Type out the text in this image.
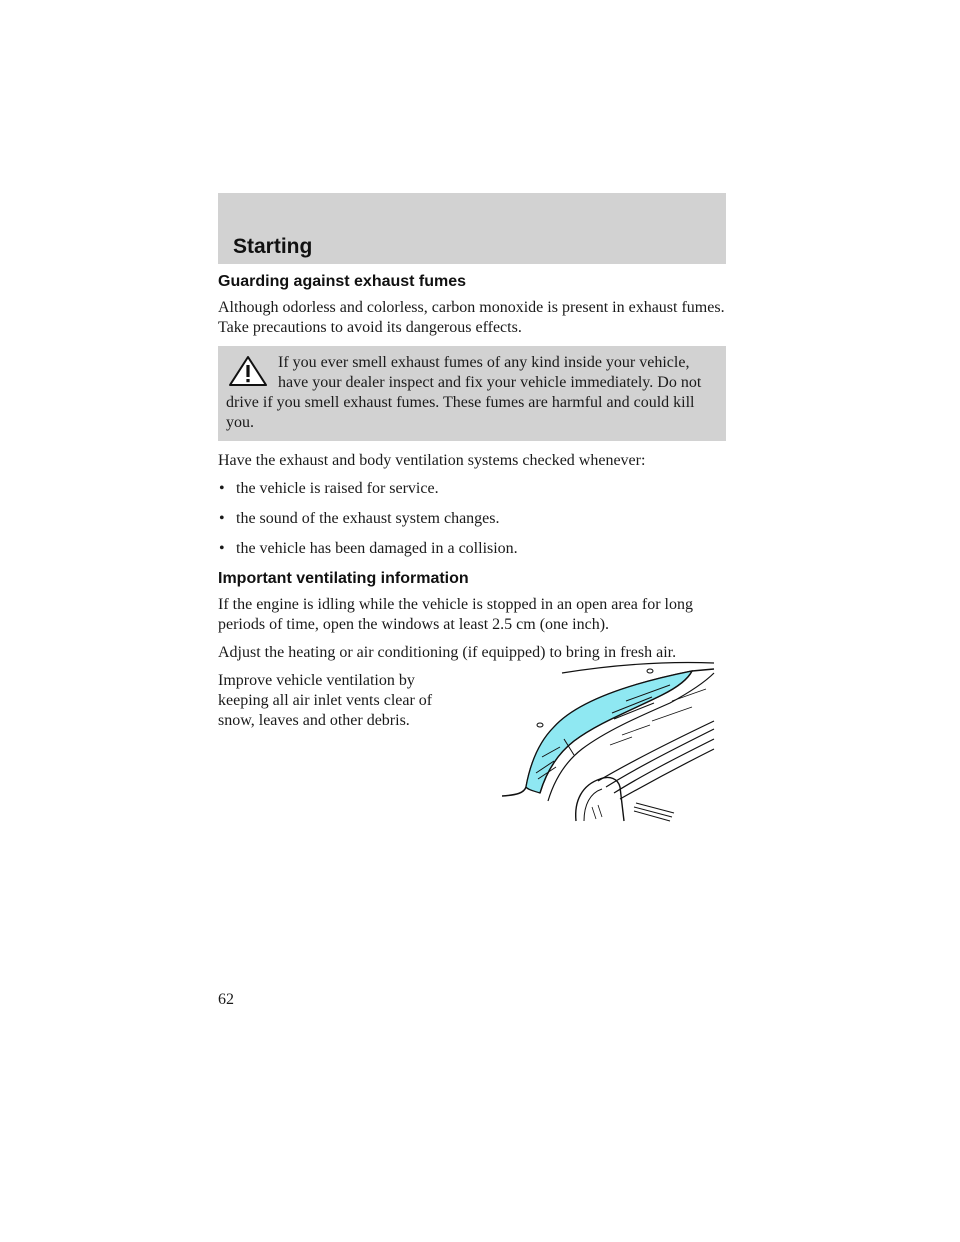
Starting
Guarding against exhaust fumes

Although odorless and colorless, carbon monoxide is present in exhaust fumes. Take precautions to avoid its dangerous effects.

If you ever smell exhaust fumes of any kind inside your vehicle, have your dealer inspect and fix your vehicle immediately. Do not drive if you smell exhaust fumes. These fumes are harmful and could kill you.

Have the exhaust and body ventilation systems checked whenever:

• the vehicle is raised for service.
• the sound of the exhaust system changes.
• the vehicle has been damaged in a collision.
Important ventilating information

If the engine is idling while the vehicle is stopped in an open area for long periods of time, open the windows at least 2.5 cm (one inch).

Adjust the heating or air conditioning (if equipped) to bring in fresh air.

Improve vehicle ventilation by keeping all air inlet vents clear of snow, leaves and other debris.

62
